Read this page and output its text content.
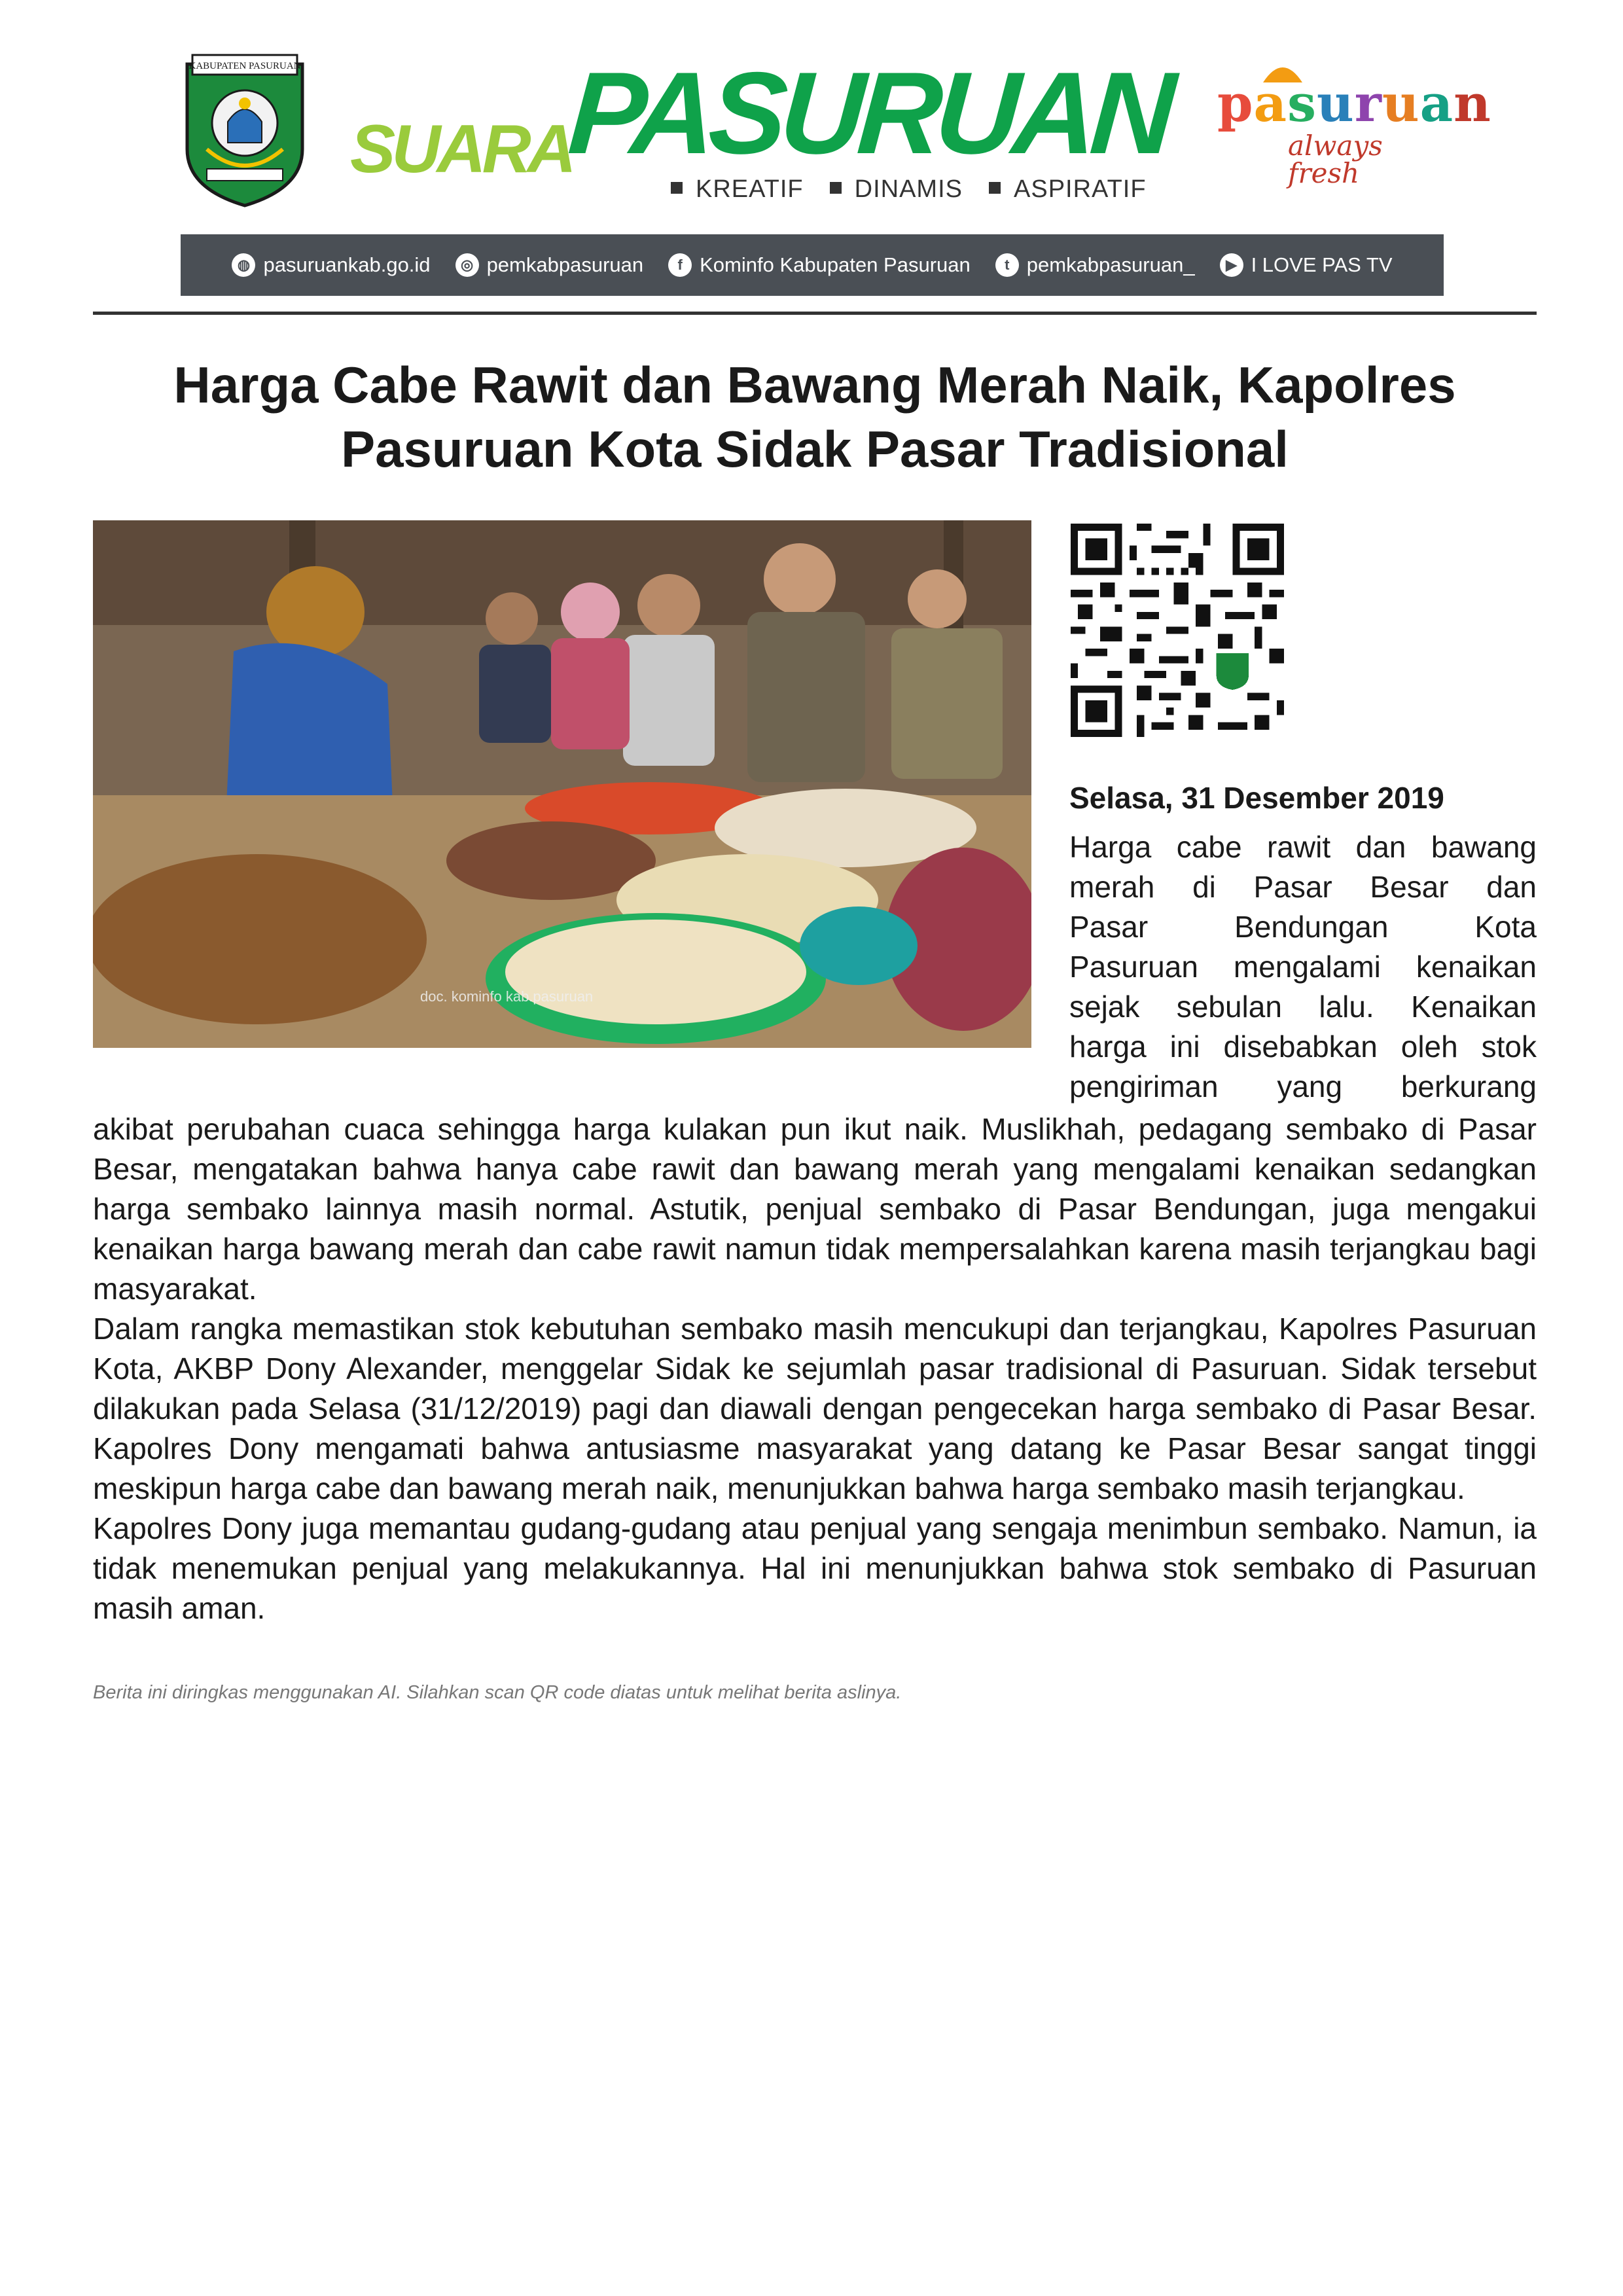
KABUPATEN PASURUAN
SUARA
PASURUAN
KREATIF	DINAMIS	ASPIRATIF
pasuruan
always fresh
◍ pasuruankab.go.id	◎ pemkabpasuruan	f Kominfo Kabupaten Pasuruan	t pemkabpasuruan_	▶ I LOVE PAS TV
Harga Cabe Rawit dan Bawang Merah Naik, Kapolres
Pasuruan Kota Sidak Pasar Tradisional
doc. kominfo kab.pasuruan
Selasa, 31 Desember 2019
Harga cabe rawit dan bawang
merah di Pasar Besar dan
Pasar Bendungan Kota
Pasuruan mengalami kenaikan
sejak sebulan lalu. Kenaikan
harga ini disebabkan oleh stok
pengiriman yang berkurang

akibat perubahan cuaca sehingga harga kulakan pun ikut naik. Muslikhah, pedagang sembako di Pasar Besar, mengatakan bahwa hanya cabe rawit dan bawang merah yang mengalami kenaikan sedangkan harga sembako lainnya masih normal. Astutik, penjual sembako di Pasar Bendungan, juga mengakui kenaikan harga bawang merah dan cabe rawit namun tidak mempersalahkan karena masih terjangkau bagi masyarakat.

Dalam rangka memastikan stok kebutuhan sembako masih mencukupi dan terjangkau, Kapolres Pasuruan Kota, AKBP Dony Alexander, menggelar Sidak ke sejumlah pasar tradisional di Pasuruan. Sidak tersebut dilakukan pada Selasa (31/12/2019) pagi dan diawali dengan pengecekan harga sembako di Pasar Besar. Kapolres Dony mengamati bahwa antusiasme masyarakat yang datang ke Pasar Besar sangat tinggi meskipun harga cabe dan bawang merah naik, menunjukkan bahwa harga sembako masih terjangkau.

Kapolres Dony juga memantau gudang-gudang atau penjual yang sengaja menimbun sembako. Namun, ia tidak menemukan penjual yang melakukannya. Hal ini menunjukkan bahwa stok sembako di Pasuruan masih aman.

Berita ini diringkas menggunakan AI. Silahkan scan QR code diatas untuk melihat berita aslinya.
